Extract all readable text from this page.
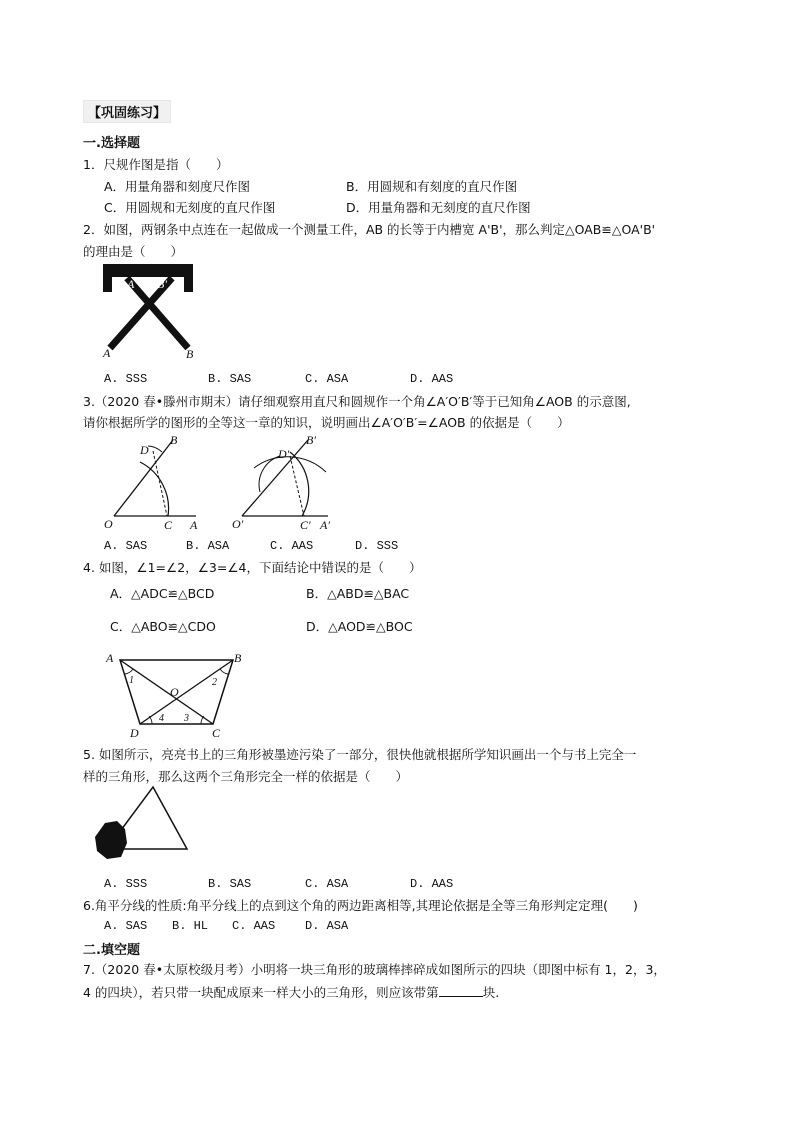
【巩固练习】
一.选择题
1．尺规作图是指（　　）
A．用量角器和刻度尺作图	B．用圆规和有刻度的直尺作图
C．用圆规和无刻度的直尺作图	D．用量角器和无刻度的直尺作图
2．如图，两钢条中点连在一起做成一个测量工件，AB 的长等于内槽宽 A'B'，那么判定△OAB≌△OA'B'
的理由是（　　）
A' B'
A	B
A. SSS	B. SAS	C. ASA	D. AAS
3.（2020 春•滕州市期末）请仔细观察用直尺和圆规作一个角∠A′O′B′等于已知角∠AOB 的示意图,
请你根据所学的图形的全等这一章的知识，说明画出∠A′O′B′=∠AOB 的依据是（　　）
O	C A
D
B
O′	C′ A′
D′
B′
A. SAS	B. ASA	C. AAS	D. SSS
4. 如图，∠1=∠2，∠3=∠4，下面结论中错误的是（　　）
A．△ADC≌△BCD	B．△ABD≌△BAC
C．△ABO≌△CDO	D．△AOD≌△BOC
A	B
C
D
O
1	2
3
4
5. 如图所示，亮亮书上的三角形被墨迹污染了一部分，很快他就根据所学知识画出一个与书上完全一
样的三角形，那么这两个三角形完全一样的依据是（　　）
A. SSS	B. SAS	C. ASA	D. AAS
6.角平分线的性质:角平分线上的点到这个角的两边距离相等,其理论依据是全等三角形判定定理(　　)
A. SAS B. HL C. AAS D. ASA
二.填空题
7.（2020 春•太原校级月考）小明将一块三角形的玻璃棒摔碎成如图所示的四块（即图中标有 1，2，3，
4 的四块），若只带一块配成原来一样大小的三角形，则应该带第	块.
